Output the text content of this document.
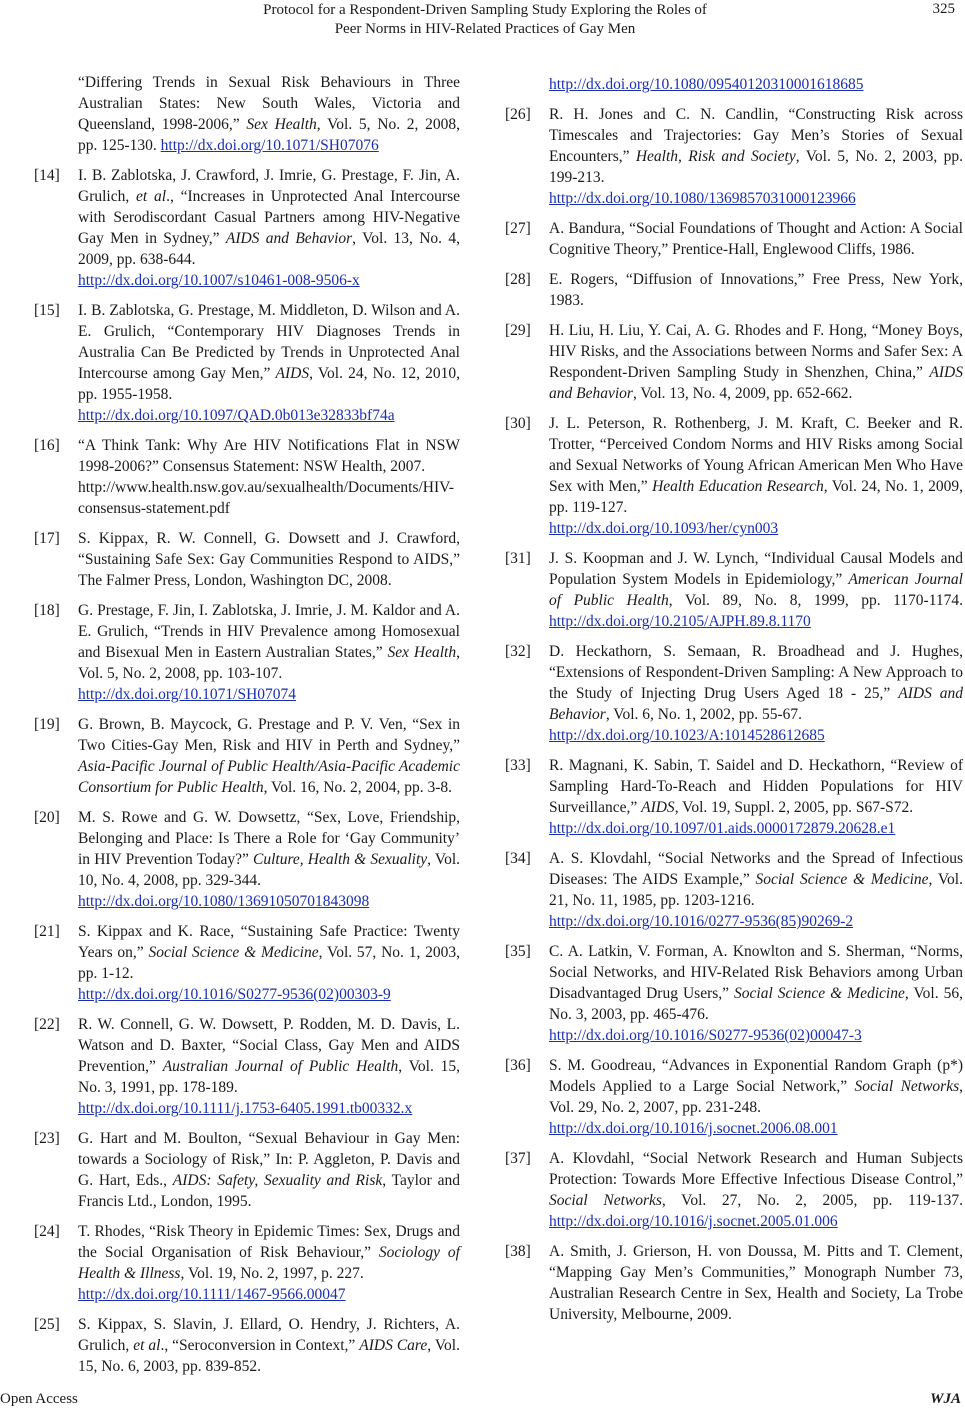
Protocol for a Respondent-Driven Sampling Study Exploring the Roles of
Peer Norms in HIV-Related Practices of Gay Men
325
“Differing Trends in Sexual Risk Behaviours in Three Australian States: New South Wales, Victoria and Queensland, 1998-2006,” Sex Health, Vol. 5, No. 2, 2008, pp. 125-130. http://dx.doi.org/10.1071/SH07076
[14] I. B. Zablotska, J. Crawford, J. Imrie, G. Prestage, F. Jin, A. Grulich, et al., “Increases in Unprotected Anal Intercourse with Serodiscordant Casual Partners among HIV-Negative Gay Men in Sydney,” AIDS and Behavior, Vol. 13, No. 4, 2009, pp. 638-644.
http://dx.doi.org/10.1007/s10461-008-9506-x
[15] I. B. Zablotska, G. Prestage, M. Middleton, D. Wilson and A. E. Grulich, “Contemporary HIV Diagnoses Trends in Australia Can Be Predicted by Trends in Unprotected Anal Intercourse among Gay Men,” AIDS, Vol. 24, No. 12, 2010, pp. 1955-1958.
http://dx.doi.org/10.1097/QAD.0b013e32833bf74a
[16] “A Think Tank: Why Are HIV Notifications Flat in NSW 1998-2006?” Consensus Statement: NSW Health, 2007.
http://www.health.nsw.gov.au/sexualhealth/Documents/HIV-consensus-statement.pdf
[17] S. Kippax, R. W. Connell, G. Dowsett and J. Crawford, “Sustaining Safe Sex: Gay Communities Respond to AIDS,” The Falmer Press, London, Washington DC, 2008.
[18] G. Prestage, F. Jin, I. Zablotska, J. Imrie, J. M. Kaldor and A. E. Grulich, “Trends in HIV Prevalence among Homosexual and Bisexual Men in Eastern Australian States,” Sex Health, Vol. 5, No. 2, 2008, pp. 103-107.
http://dx.doi.org/10.1071/SH07074
[19] G. Brown, B. Maycock, G. Prestage and P. V. Ven, “Sex in Two Cities-Gay Men, Risk and HIV in Perth and Sydney,” Asia-Pacific Journal of Public Health/Asia-Pacific Academic Consortium for Public Health, Vol. 16, No. 2, 2004, pp. 3-8.
[20] M. S. Rowe and G. W. Dowsettz, “Sex, Love, Friendship, Belonging and Place: Is There a Role for ‘Gay Community’ in HIV Prevention Today?” Culture, Health & Sexuality, Vol. 10, No. 4, 2008, pp. 329-344.
http://dx.doi.org/10.1080/13691050701843098
[21] S. Kippax and K. Race, “Sustaining Safe Practice: Twenty Years on,” Social Science & Medicine, Vol. 57, No. 1, 2003, pp. 1-12.
http://dx.doi.org/10.1016/S0277-9536(02)00303-9
[22] R. W. Connell, G. W. Dowsett, P. Rodden, M. D. Davis, L. Watson and D. Baxter, “Social Class, Gay Men and AIDS Prevention,” Australian Journal of Public Health, Vol. 15, No. 3, 1991, pp. 178-189.
http://dx.doi.org/10.1111/j.1753-6405.1991.tb00332.x
[23] G. Hart and M. Boulton, “Sexual Behaviour in Gay Men: towards a Sociology of Risk,” In: P. Aggleton, P. Davis and G. Hart, Eds., AIDS: Safety, Sexuality and Risk, Taylor and Francis Ltd., London, 1995.
[24] T. Rhodes, “Risk Theory in Epidemic Times: Sex, Drugs and the Social Organisation of Risk Behaviour,” Sociology of Health & Illness, Vol. 19, No. 2, 1997, p. 227.
http://dx.doi.org/10.1111/1467-9566.00047
[25] S. Kippax, S. Slavin, J. Ellard, O. Hendry, J. Richters, A. Grulich, et al., “Seroconversion in Context,” AIDS Care, Vol. 15, No. 6, 2003, pp. 839-852.
http://dx.doi.org/10.1080/09540120310001618685
[26] R. H. Jones and C. N. Candlin, “Constructing Risk across Timescales and Trajectories: Gay Men’s Stories of Sexual Encounters,” Health, Risk and Society, Vol. 5, No. 2, 2003, pp. 199-213.
http://dx.doi.org/10.1080/1369857031000123966
[27] A. Bandura, “Social Foundations of Thought and Action: A Social Cognitive Theory,” Prentice-Hall, Englewood Cliffs, 1986.
[28] E. Rogers, “Diffusion of Innovations,” Free Press, New York, 1983.
[29] H. Liu, H. Liu, Y. Cai, A. G. Rhodes and F. Hong, “Money Boys, HIV Risks, and the Associations between Norms and Safer Sex: A Respondent-Driven Sampling Study in Shenzhen, China,” AIDS and Behavior, Vol. 13, No. 4, 2009, pp. 652-662.
[30] J. L. Peterson, R. Rothenberg, J. M. Kraft, C. Beeker and R. Trotter, “Perceived Condom Norms and HIV Risks among Social and Sexual Networks of Young African American Men Who Have Sex with Men,” Health Education Research, Vol. 24, No. 1, 2009, pp. 119-127.
http://dx.doi.org/10.1093/her/cyn003
[31] J. S. Koopman and J. W. Lynch, “Individual Causal Models and Population System Models in Epidemiology,” American Journal of Public Health, Vol. 89, No. 8, 1999, pp. 1170-1174. http://dx.doi.org/10.2105/AJPH.89.8.1170
[32] D. Heckathorn, S. Semaan, R. Broadhead and J. Hughes, “Extensions of Respondent-Driven Sampling: A New Approach to the Study of Injecting Drug Users Aged 18 - 25,” AIDS and Behavior, Vol. 6, No. 1, 2002, pp. 55-67.
http://dx.doi.org/10.1023/A:1014528612685
[33] R. Magnani, K. Sabin, T. Saidel and D. Heckathorn, “Review of Sampling Hard-To-Reach and Hidden Populations for HIV Surveillance,” AIDS, Vol. 19, Suppl. 2, 2005, pp. S67-S72.
http://dx.doi.org/10.1097/01.aids.0000172879.20628.e1
[34] A. S. Klovdahl, “Social Networks and the Spread of Infectious Diseases: The AIDS Example,” Social Science & Medicine, Vol. 21, No. 11, 1985, pp. 1203-1216.
http://dx.doi.org/10.1016/0277-9536(85)90269-2
[35] C. A. Latkin, V. Forman, A. Knowlton and S. Sherman, “Norms, Social Networks, and HIV-Related Risk Behaviors among Urban Disadvantaged Drug Users,” Social Science & Medicine, Vol. 56, No. 3, 2003, pp. 465-476.
http://dx.doi.org/10.1016/S0277-9536(02)00047-3
[36] S. M. Goodreau, “Advances in Exponential Random Graph (p*) Models Applied to a Large Social Network,” Social Networks, Vol. 29, No. 2, 2007, pp. 231-248.
http://dx.doi.org/10.1016/j.socnet.2006.08.001
[37] A. Klovdahl, “Social Network Research and Human Subjects Protection: Towards More Effective Infectious Disease Control,” Social Networks, Vol. 27, No. 2, 2005, pp. 119-137. http://dx.doi.org/10.1016/j.socnet.2005.01.006
[38] A. Smith, J. Grierson, H. von Doussa, M. Pitts and T. Clement, “Mapping Gay Men’s Communities,” Monograph Number 73, Australian Research Centre in Sex, Health and Society, La Trobe University, Melbourne, 2009.
Open Access	WJA
